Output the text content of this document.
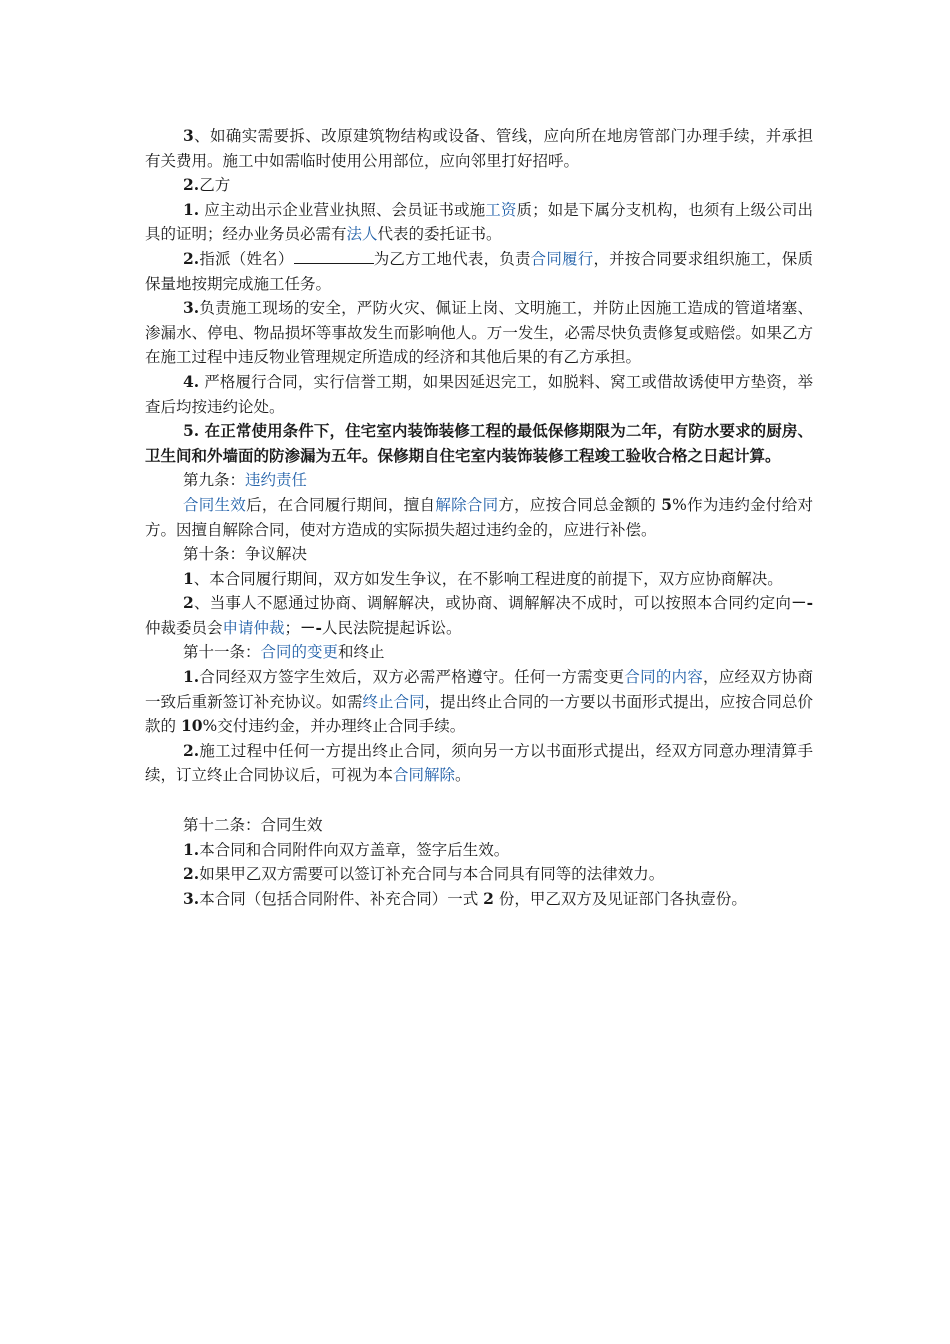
3、如确实需要拆、改原建筑物结构或设备、管线，应向所在地房管部门办理手续，并承担有关费用。施工中如需临时使用公用部位，应向邻里打好招呼。

2.乙方

1. 应主动出示企业营业执照、会员证书或施工资质；如是下属分支机构，也须有上级公司出具的证明；经办业务员必需有法人代表的委托证书。

2.指派（姓名）	为乙方工地代表，负责合同履行，并按合同要求组织施工，保质保量地按期完成施工任务。

3.负责施工现场的安全，严防火灾、佩证上岗、文明施工，并防止因施工造成的管道堵塞、渗漏水、停电、物品损坏等事故发生而影响他人。万一发生，必需尽快负责修复或赔偿。如果乙方在施工过程中违反物业管理规定所造成的经济和其他后果的有乙方承担。

4. 严格履行合同，实行信誉工期，如果因延迟完工，如脱料、窝工或借故诱使甲方垫资，举查后均按违约论处。

5. 在正常使用条件下，住宅室内装饰装修工程的最低保修期限为二年，有防水要求的厨房、卫生间和外墙面的防渗漏为五年。保修期自住宅室内装饰装修工程竣工验收合格之日起计算。

第九条：违约责任

合同生效后，在合同履行期间，擅自解除合同方，应按合同总金额的 5%作为违约金付给对方。因擅自解除合同，使对方造成的实际损失超过违约金的，应进行补偿。

第十条：争议解决

1、本合同履行期间，双方如发生争议，在不影响工程进度的前提下，双方应协商解决。

2、当事人不愿通过协商、调解解决，或协商、调解解决不成时，可以按照本合同约定向－-仲裁委员会申请仲裁；－-人民法院提起诉讼。

第十一条：合同的变更和终止

1.合同经双方签字生效后，双方必需严格遵守。任何一方需变更合同的内容，应经双方协商一致后重新签订补充协议。如需终止合同，提出终止合同的一方要以书面形式提出，应按合同总价款的 10%交付违约金，并办理终止合同手续。

2.施工过程中任何一方提出终止合同，须向另一方以书面形式提出，经双方同意办理清算手续，订立终止合同协议后，可视为本合同解除。

第十二条：合同生效

1.本合同和合同附件向双方盖章，签字后生效。

2.如果甲乙双方需要可以签订补充合同与本合同具有同等的法律效力。

3.本合同（包括合同附件、补充合同）一式 2 份，甲乙双方及见证部门各执壹份。
